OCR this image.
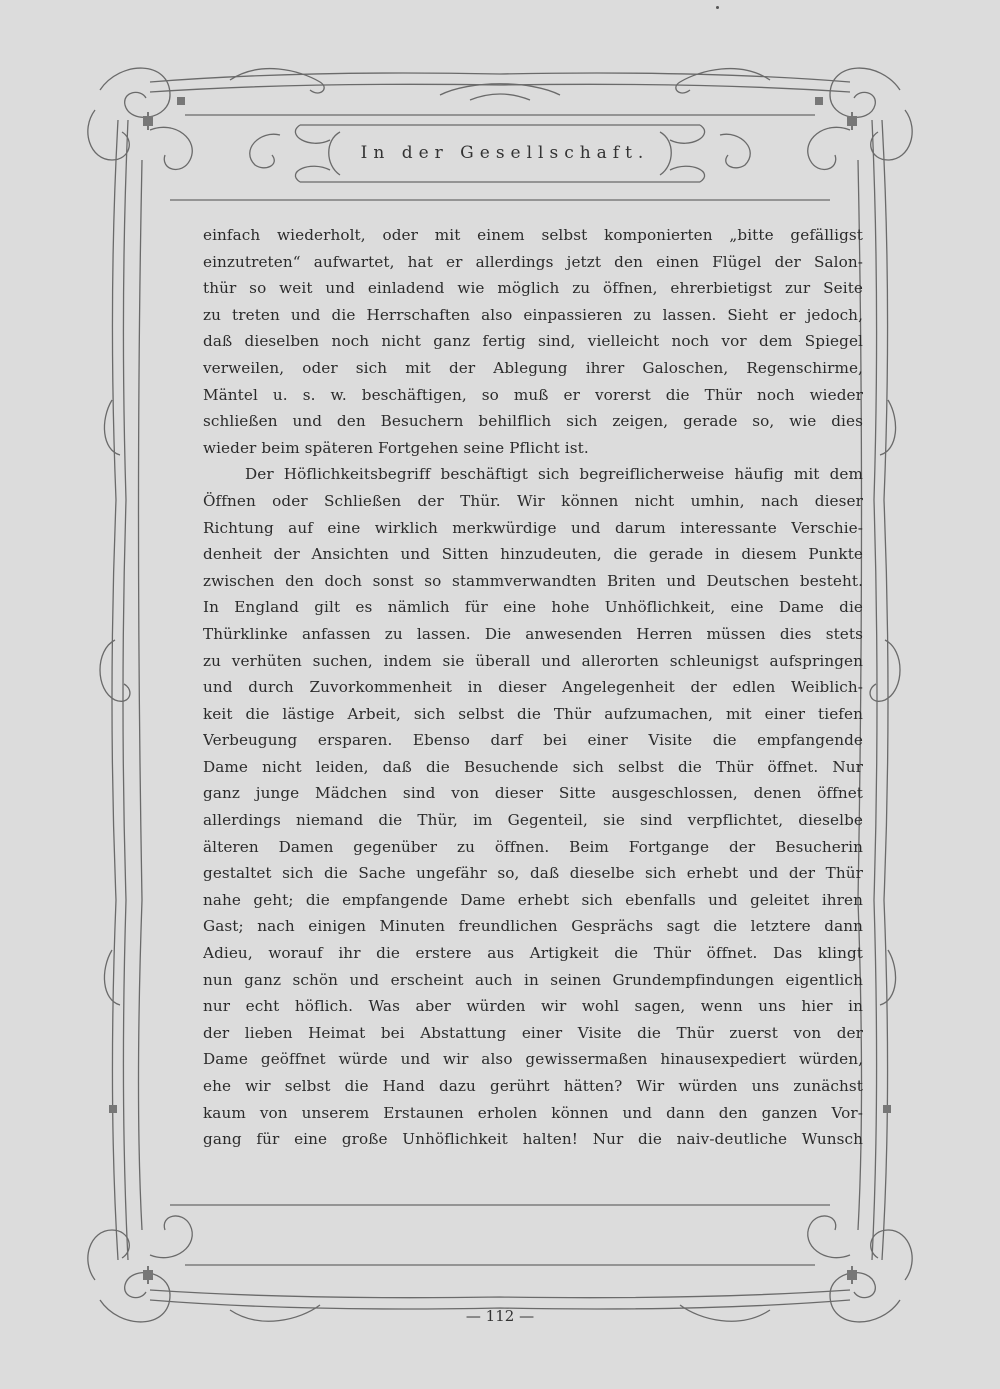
In der Gesellschaft.
einfach wiederholt, oder mit einem selbst komponierten „bitte gefälligst
einzutreten“ aufwartet, hat er allerdings jetzt den einen Flügel der Salon-
thür so weit und einladend wie möglich zu öffnen, ehrerbietigst zur Seite
zu treten und die Herrschaften also einpassieren zu lassen. Sieht er jedoch,
daß dieselben noch nicht ganz fertig sind, vielleicht noch vor dem Spiegel
verweilen, oder sich mit der Ablegung ihrer Galoschen, Regenschirme,
Mäntel u. s. w. beschäftigen, so muß er vorerst die Thür noch wieder
schließen und den Besuchern behilflich sich zeigen, gerade so, wie dies
wieder beim späteren Fortgehen seine Pflicht ist.
Der Höflichkeitsbegriff beschäftigt sich begreiflicherweise häufig mit dem
Öffnen oder Schließen der Thür. Wir können nicht umhin, nach dieser
Richtung auf eine wirklich merkwürdige und darum interessante Verschie-
denheit der Ansichten und Sitten hinzudeuten, die gerade in diesem Punkte
zwischen den doch sonst so stammverwandten Briten und Deutschen besteht.
In England gilt es nämlich für eine hohe Unhöflichkeit, eine Dame die
Thürklinke anfassen zu lassen. Die anwesenden Herren müssen dies stets
zu verhüten suchen, indem sie überall und allerorten schleunigst aufspringen
und durch Zuvorkommenheit in dieser Angelegenheit der edlen Weiblich-
keit die lästige Arbeit, sich selbst die Thür aufzumachen, mit einer tiefen
Verbeugung ersparen. Ebenso darf bei einer Visite die empfangende
Dame nicht leiden, daß die Besuchende sich selbst die Thür öffnet. Nur
ganz junge Mädchen sind von dieser Sitte ausgeschlossen, denen öffnet
allerdings niemand die Thür, im Gegenteil, sie sind verpflichtet, dieselbe
älteren Damen gegenüber zu öffnen. Beim Fortgange der Besucherin
gestaltet sich die Sache ungefähr so, daß dieselbe sich erhebt und der Thür
nahe geht; die empfangende Dame erhebt sich ebenfalls und geleitet ihren
Gast; nach einigen Minuten freundlichen Gesprächs sagt die letztere dann
Adieu, worauf ihr die erstere aus Artigkeit die Thür öffnet. Das klingt
nun ganz schön und erscheint auch in seinen Grundempfindungen eigentlich
nur echt höflich. Was aber würden wir wohl sagen, wenn uns hier in
der lieben Heimat bei Abstattung einer Visite die Thür zuerst von der
Dame geöffnet würde und wir also gewissermaßen hinausexpediert würden,
ehe wir selbst die Hand dazu gerührt hätten? Wir würden uns zunächst
kaum von unserem Erstaunen erholen können und dann den ganzen Vor-
gang für eine große Unhöflichkeit halten! Nur die naiv-deutliche Wunsch
— 112 —
